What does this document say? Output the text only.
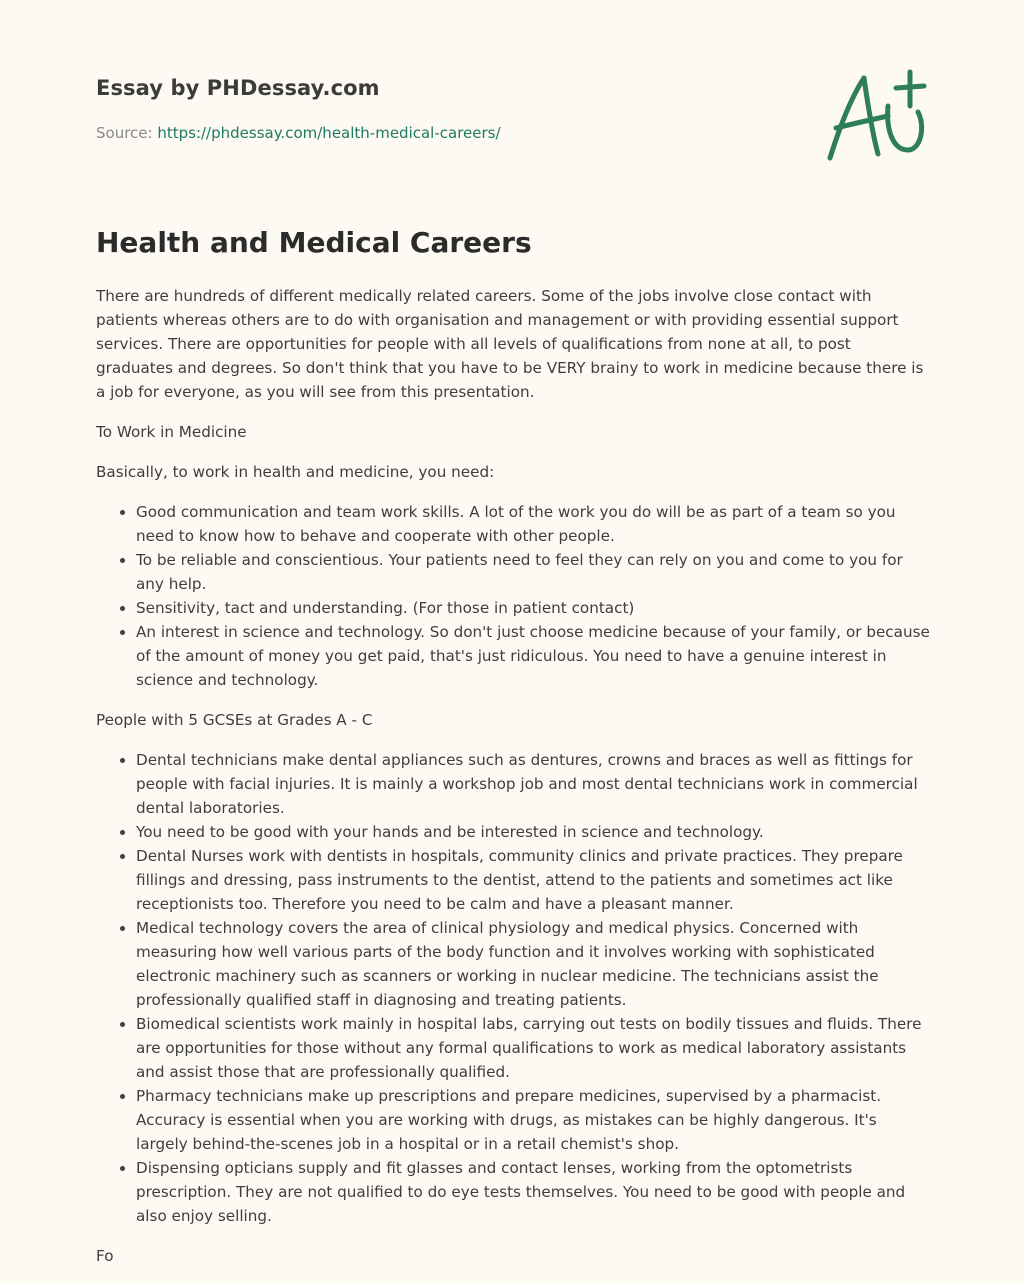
Essay by PHDessay.com
Source: https://phdessay.com/health-medical-careers/
Health and Medical Careers

There are hundreds of different medically related careers. Some of the jobs involve close contact with patients whereas others are to do with organisation and management or with providing essential support services. There are opportunities for people with all levels of qualifications from none at all, to post graduates and degrees. So don't think that you have to be VERY brainy to work in medicine because there is a job for everyone, as you will see from this presentation.

To Work in Medicine

Basically, to work in health and medicine, you need:

• Good communication and team work skills. A lot of the work you do will be as part of a team so you need to know how to behave and cooperate with other people.
• To be reliable and conscientious. Your patients need to feel they can rely on you and come to you for any help.
• Sensitivity, tact and understanding. (For those in patient contact)
• An interest in science and technology. So don't just choose medicine because of your family, or because of the amount of money you get paid, that's just ridiculous. You need to have a genuine interest in science and technology.

People with 5 GCSEs at Grades A - C

• Dental technicians make dental appliances such as dentures, crowns and braces as well as fittings for people with facial injuries. It is mainly a workshop job and most dental technicians work in commercial dental laboratories.
• You need to be good with your hands and be interested in science and technology.
• Dental Nurses work with dentists in hospitals, community clinics and private practices. They prepare fillings and dressing, pass instruments to the dentist, attend to the patients and sometimes act like receptionists too. Therefore you need to be calm and have a pleasant manner.
• Medical technology covers the area of clinical physiology and medical physics. Concerned with measuring how well various parts of the body function and it involves working with sophisticated electronic machinery such as scanners or working in nuclear medicine. The technicians assist the professionally qualified staff in diagnosing and treating patients.
• Biomedical scientists work mainly in hospital labs, carrying out tests on bodily tissues and fluids. There are opportunities for those without any formal qualifications to work as medical laboratory assistants and assist those that are professionally qualified.
• Pharmacy technicians make up prescriptions and prepare medicines, supervised by a pharmacist. Accuracy is essential when you are working with drugs, as mistakes can be highly dangerous. It's largely behind-the-scenes job in a hospital or in a retail chemist's shop.
• Dispensing opticians supply and fit glasses and contact lenses, working from the optometrists prescription. They are not qualified to do eye tests themselves. You need to be good with people and also enjoy selling.

Fo
